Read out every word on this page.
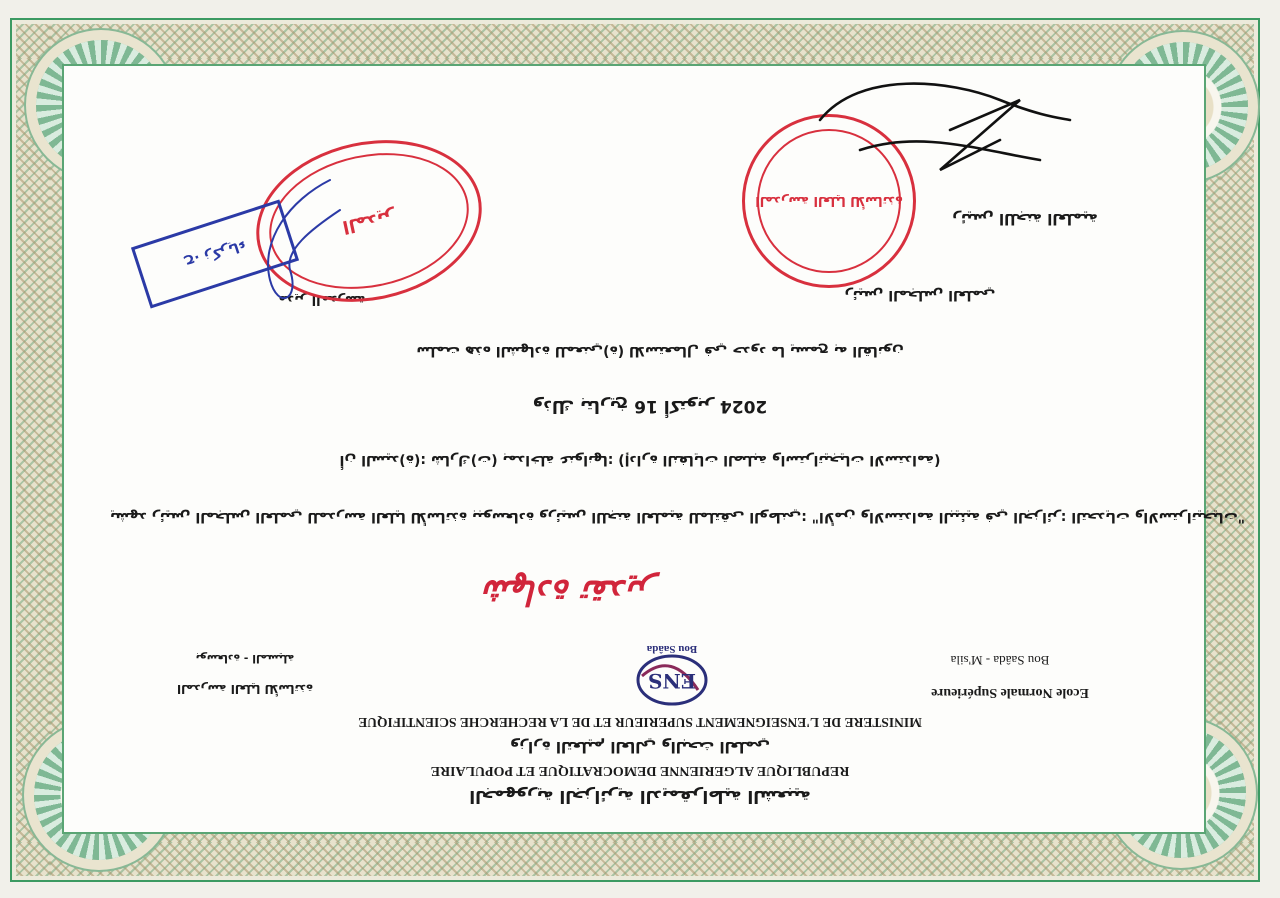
الجمهورية الجزائرية الديمقراطية الشعبية
REPUBLIQUE ALGERIENNE DEMOCRATIQUE ET POPULAIRE
وزارة التعليم العالي والبحث العلمي
MINISTERE DE L'ENSEIGNEMENT SUPERIEUR ET DE LA RECHERCHE SCIENTIFIQUE
Ecole Normale Supérieure
Bou Saâda - M'sila
المدرسة العليا للأساتذة
بوسعادة - المسيلة
ENS
Bou Saâda
شهادة تقدير
يشهد رئيس المجلس العلمي للمدرسة العليا للأساتذة ببوسعادة ورئيس اللجنة العلمية للملتقى الوطني: "الأمن والاستدامة البيئية في الجزائر: التحديات والاستراتيجيات"
أن السيد(ة): شارك(ت) بمداخلة عنوانها: (إدارة النفايات الصلبة واستراتيجيات الاستدامة)
وذلك بتاريخ 16 أكتوبر 2024
سلمت هذه الشهادة للمعني(ة) للاستعمال في حدود ما يسمح به القانون
رئيس المجلس العلمي
رئيس اللجنة العلمية
مدير المدرسة
المدرسة العليا للأساتذة
المدير
ح. زكرياء
